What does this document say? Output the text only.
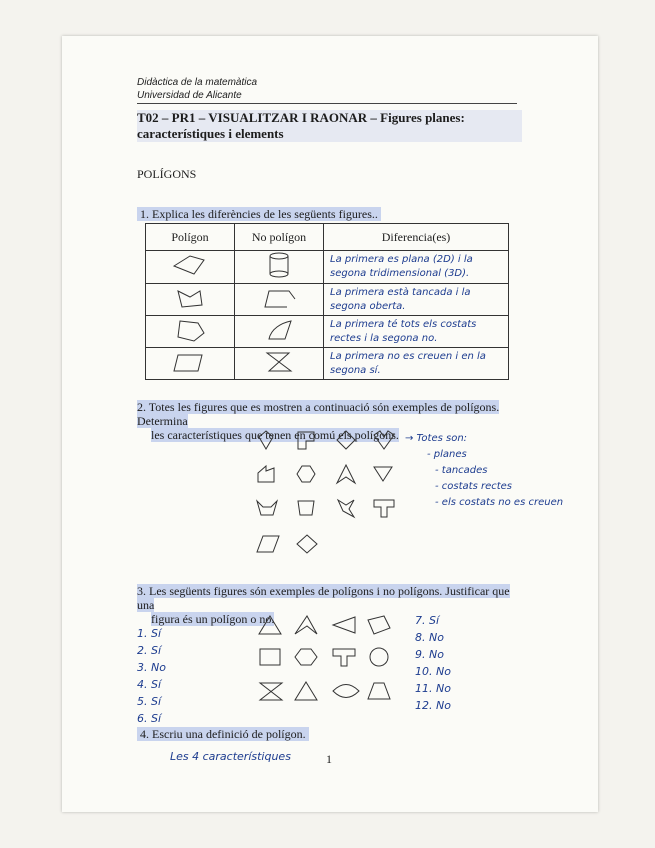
Didàctica de la matemàtica
Universidad de Alicante
T02 – PR1 – VISUALITZAR I RAONAR – Figures planes: característiques i elements
POLÍGONS
1. Explica les diferències de les següents figures..
Polígon	No polígon	Diferencia(es)
		La primera es plana (2D) i la segona tridimensional (3D).
		La primera està tancada i la segona oberta.
		La primera té tots els costats rectes i la segona no.
		La primera no es creuen i en la segona sí.
2. Totes les figures que es mostren a continuació són exemples de polígons. Determina
les característiques que tenen en comú els polígons. → Totes son:
- planes
- tancades
- costats rectes
- els costats no es creuen
3. Les següents figures són exemples de polígons i no polígons. Justificar que una
figura és un polígon o no.
1. Sí
2. Sí
3. No
4. Sí
5. Sí
6. Sí
7. Sí
8. No
9. No
10. No
11. No
12. No
4. Escriu una definició de polígon.
Les 4 característiques	1
